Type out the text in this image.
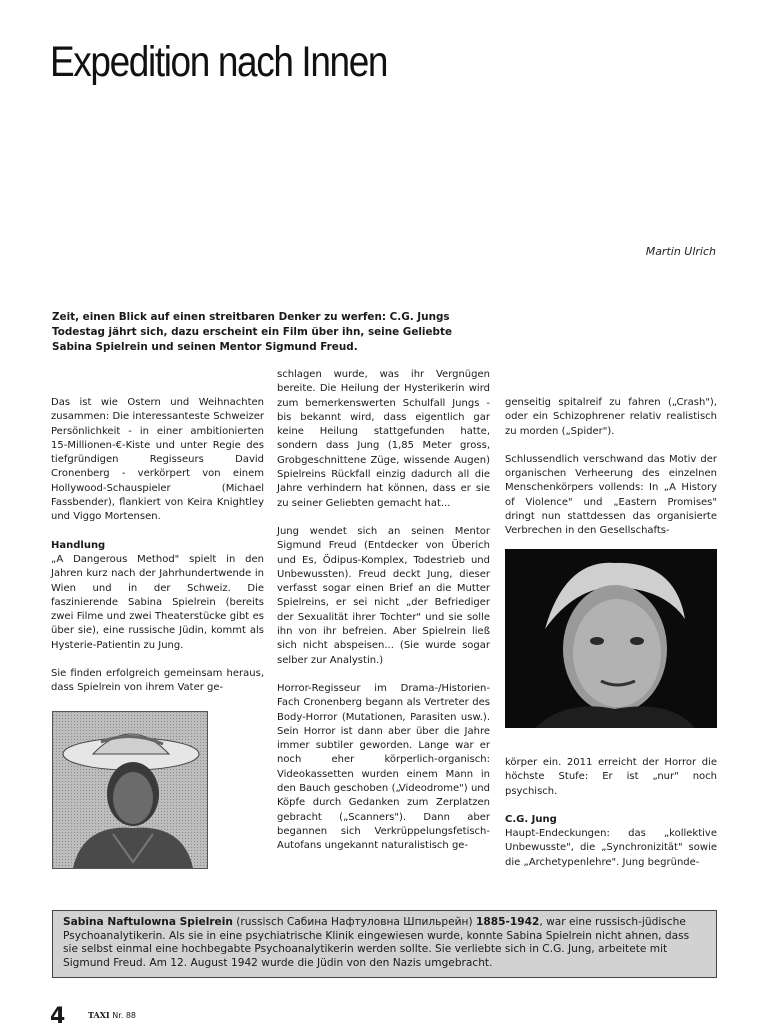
Expedition nach Innen
Martin Ulrich

Zeit, einen Blick auf einen streitbaren Denker zu werfen: C.G. Jungs Todestag jährt sich, dazu erscheint ein Film über ihn, seine Geliebte Sabina Spielrein und seinen Mentor Sigmund Freud.

Das ist wie Ostern und Weihnachten zusammen: Die interessanteste Schweizer Persönlichkeit - in einer ambitionierten 15-Millionen-€-Kiste und unter Regie des tiefgründigen Regisseurs David Cronenberg - verkörpert von einem Hollywood-Schauspieler (Michael Fassbender), flankiert von Keira Knightley und Viggo Mortensen.

Handlung

„A Dangerous Method" spielt in den Jahren kurz nach der Jahrhundertwende in Wien und in der Schweiz. Die faszinierende Sabina Spielrein (bereits zwei Filme und zwei Theaterstücke gibt es über sie), eine russische Jüdin, kommt als Hysterie-Patientin zu Jung.

Sie finden erfolgreich gemeinsam heraus, dass Spielrein von ihrem Vater ge-

schlagen wurde, was ihr Vergnügen bereite. Die Heilung der Hysterikerin wird zum bemerkenswerten Schulfall Jungs - bis bekannt wird, dass eigentlich gar keine Heilung stattgefunden hatte, sondern dass Jung (1,85 Meter gross, Grobgeschnittene Züge, wissende Augen) Spielreins Rückfall einzig dadurch all die Jahre verhindern hat können, dass er sie zu seiner Geliebten gemacht hat...

Jung wendet sich an seinen Mentor Sigmund Freud (Entdecker von Überich und Es, Ödipus-Komplex, Todestrieb und Unbewussten). Freud deckt Jung, dieser verfasst sogar einen Brief an die Mutter Spielreins, er sei nicht „der Befriediger der Sexualität ihrer Tochter" und sie solle ihn von ihr befreien. Aber Spielrein ließ sich nicht abspeisen... (Sie wurde sogar selber zur Analystin.)

Horror-Regisseur im Drama-/Historien-Fach Cronenberg begann als Vertreter des Body-Horror (Mutationen, Parasiten usw.). Sein Horror ist dann aber über die Jahre immer subtiler geworden. Lange war er noch eher körperlich-organisch: Videokassetten wurden einem Mann in den Bauch geschoben („Videodrome") und Köpfe durch Gedanken zum Zerplatzen gebracht („Scanners"). Dann aber begannen sich Verkrüppelungsfetisch-Autofans ungekannt naturalistisch ge-

genseitig spitalreif zu fahren („Crash"), oder ein Schizophrener relativ realistisch zu morden („Spider").

Schlussendlich verschwand das Motiv der organischen Verheerung des einzelnen Menschenkörpers vollends: In „A History of Violence" und „Eastern Promises" dringt nun stattdessen das organisierte Verbrechen in den Gesellschafts-

körper ein. 2011 erreicht der Horror die höchste Stufe: Er ist „nur" noch psychisch.

C.G. Jung

Haupt-Endeckungen: das „kollektive Unbewusste", die „Synchronizität" sowie die „Archetypenlehre". Jung begründe-

Sabina Naftulowna Spielrein (russisch Сабина Нафтуловна Шпильрейн) 1885-1942, war eine russisch-jüdische Psychoanalytikerin. Als sie in eine psychiatrische Klinik eingewiesen wurde, konnte Sabina Spielrein nicht ahnen, dass sie selbst einmal eine hochbegabte Psychoanalytikerin werden sollte. Sie verliebte sich in C.G. Jung, arbeitete mit Sigmund Freud. Am 12. August 1942 wurde die Jüdin von den Nazis umgebracht.

4	TAXI Nr. 88
